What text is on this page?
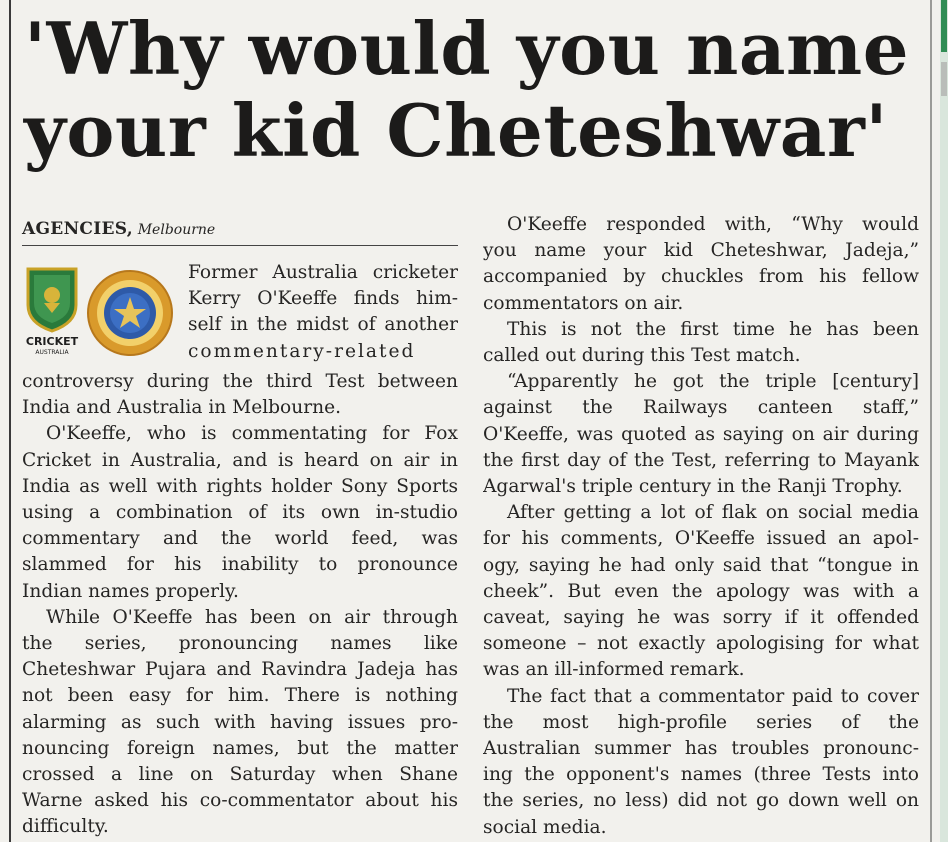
'Why would you name
your kid Cheteshwar'
AGENCIES, Melbourne
CRICKET
AUSTRALIA

Former Australia cricketer

Kerry O'Keeffe finds him-

self in the midst of another

commentary-related

controversy during the third Test between

India and Australia in Melbourne.

O'Keeffe, who is commentating for Fox

Cricket in Australia, and is heard on air in

India as well with rights holder Sony Sports

using a combination of its own in-studio

commentary and the world feed, was

slammed for his inability to pronounce

Indian names properly.

While O'Keeffe has been on air through

the series, pronouncing names like

Cheteshwar Pujara and Ravindra Jadeja has

not been easy for him. There is nothing

alarming as such with having issues pro-

nouncing foreign names, but the matter

crossed a line on Saturday when Shane

Warne asked his co-commentator about his

difficulty.

O'Keeffe responded with, “Why would

you name your kid Cheteshwar, Jadeja,”

accompanied by chuckles from his fellow

commentators on air.

This is not the first time he has been

called out during this Test match.

“Apparently he got the triple [century]

against the Railways canteen staff,”

O'Keeffe, was quoted as saying on air during

the first day of the Test, referring to Mayank

Agarwal's triple century in the Ranji Trophy.

After getting a lot of flak on social media

for his comments, O'Keeffe issued an apol-

ogy, saying he had only said that “tongue in

cheek”. But even the apology was with a

caveat, saying he was sorry if it offended

someone – not exactly apologising for what

was an ill-informed remark.

The fact that a commentator paid to cover

the most high-profile series of the

Australian summer has troubles pronounc-

ing the opponent's names (three Tests into

the series, no less) did not go down well on

social media.
